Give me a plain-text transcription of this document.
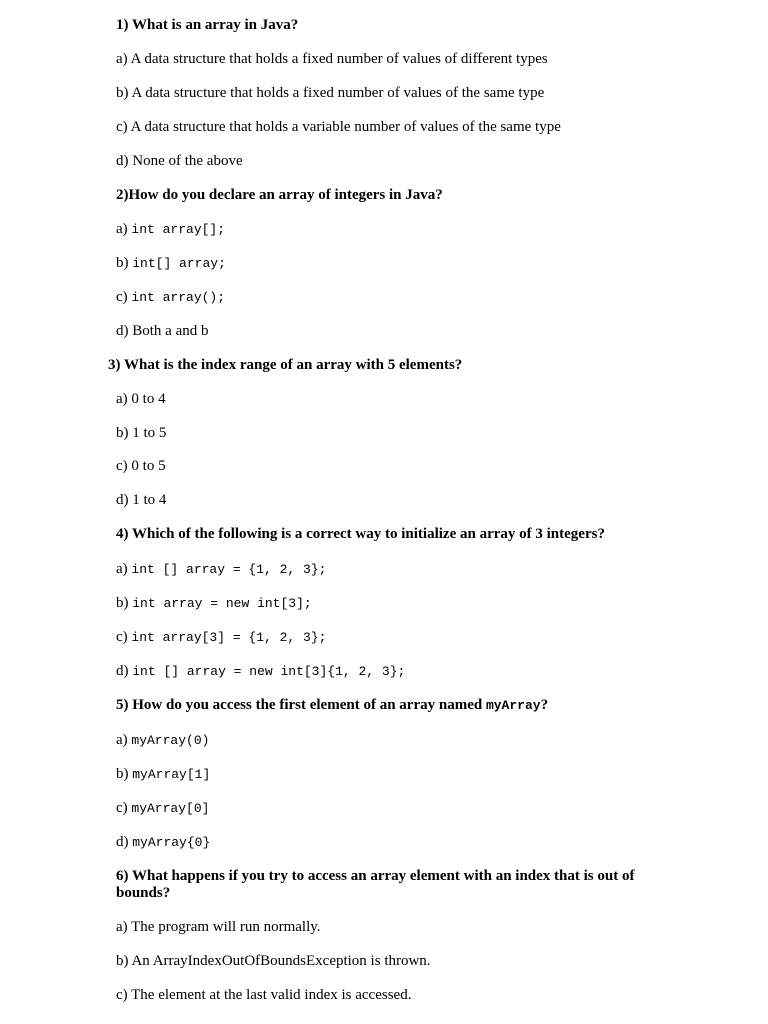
1) What is an array in Java?

a) A data structure that holds a fixed number of values of different types

b) A data structure that holds a fixed number of values of the same type

c) A data structure that holds a variable number of values of the same type

d) None of the above

2)How do you declare an array of integers in Java?

a) int array[];

b) int[] array;

c) int array();

d) Both a and b

3) What is the index range of an array with 5 elements?

a) 0 to 4

b) 1 to 5

c) 0 to 5

d) 1 to 4

4) Which of the following is a correct way to initialize an array of 3 integers?

a) int [] array = {1, 2, 3};

b) int array = new int[3];

c) int array[3] = {1, 2, 3};

d) int [] array = new int[3]{1, 2, 3};

5) How do you access the first element of an array named myArray?

a) myArray(0)

b) myArray[1]

c) myArray[0]

d) myArray{0}

6) What happens if you try to access an array element with an index that is out of bounds?

a) The program will run normally.

b) An ArrayIndexOutOfBoundsException is thrown.

c) The element at the last valid index is accessed.
